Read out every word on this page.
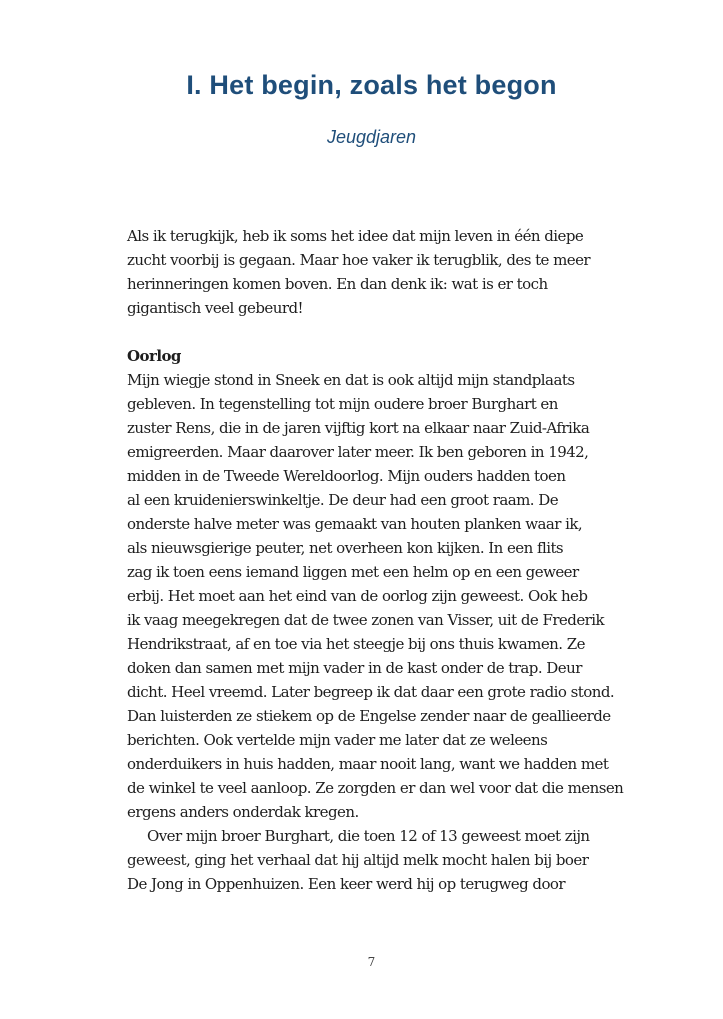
I. Het begin, zoals het begon
Jeugdjaren
Als ik terugkijk, heb ik soms het idee dat mijn leven in één diepe
zucht voorbij is gegaan. Maar hoe vaker ik terugblik, des te meer
herinneringen komen boven. En dan denk ik: wat is er toch
gigantisch veel gebeurd!
Oorlog
Mijn wiegje stond in Sneek en dat is ook altijd mijn standplaats
gebleven. In tegenstelling tot mijn oudere broer Burghart en
zuster Rens, die in de jaren vijftig kort na elkaar naar Zuid-Afrika
emigreerden. Maar daarover later meer. Ik ben geboren in 1942,
midden in de Tweede Wereldoorlog. Mijn ouders hadden toen
al een kruidenierswinkeltje. De deur had een groot raam. De
onderste halve meter was gemaakt van houten planken waar ik,
als nieuwsgierige peuter, net overheen kon kijken. In een flits
zag ik toen eens iemand liggen met een helm op en een geweer
erbij. Het moet aan het eind van de oorlog zijn geweest. Ook heb
ik vaag meegekregen dat de twee zonen van Visser, uit de Frederik
Hendrikstraat, af en toe via het steegje bij ons thuis kwamen. Ze
doken dan samen met mijn vader in de kast onder de trap. Deur
dicht. Heel vreemd. Later begreep ik dat daar een grote radio stond.
Dan luisterden ze stiekem op de Engelse zender naar de geallieerde
berichten. Ook vertelde mijn vader me later dat ze weleens
onderduikers in huis hadden, maar nooit lang, want we hadden met
de winkel te veel aanloop. Ze zorgden er dan wel voor dat die mensen
ergens anders onderdak kregen.
Over mijn broer Burghart, die toen 12 of 13 geweest moet zijn
geweest, ging het verhaal dat hij altijd melk mocht halen bij boer
De Jong in Oppenhuizen. Een keer werd hij op terugweg door
7
